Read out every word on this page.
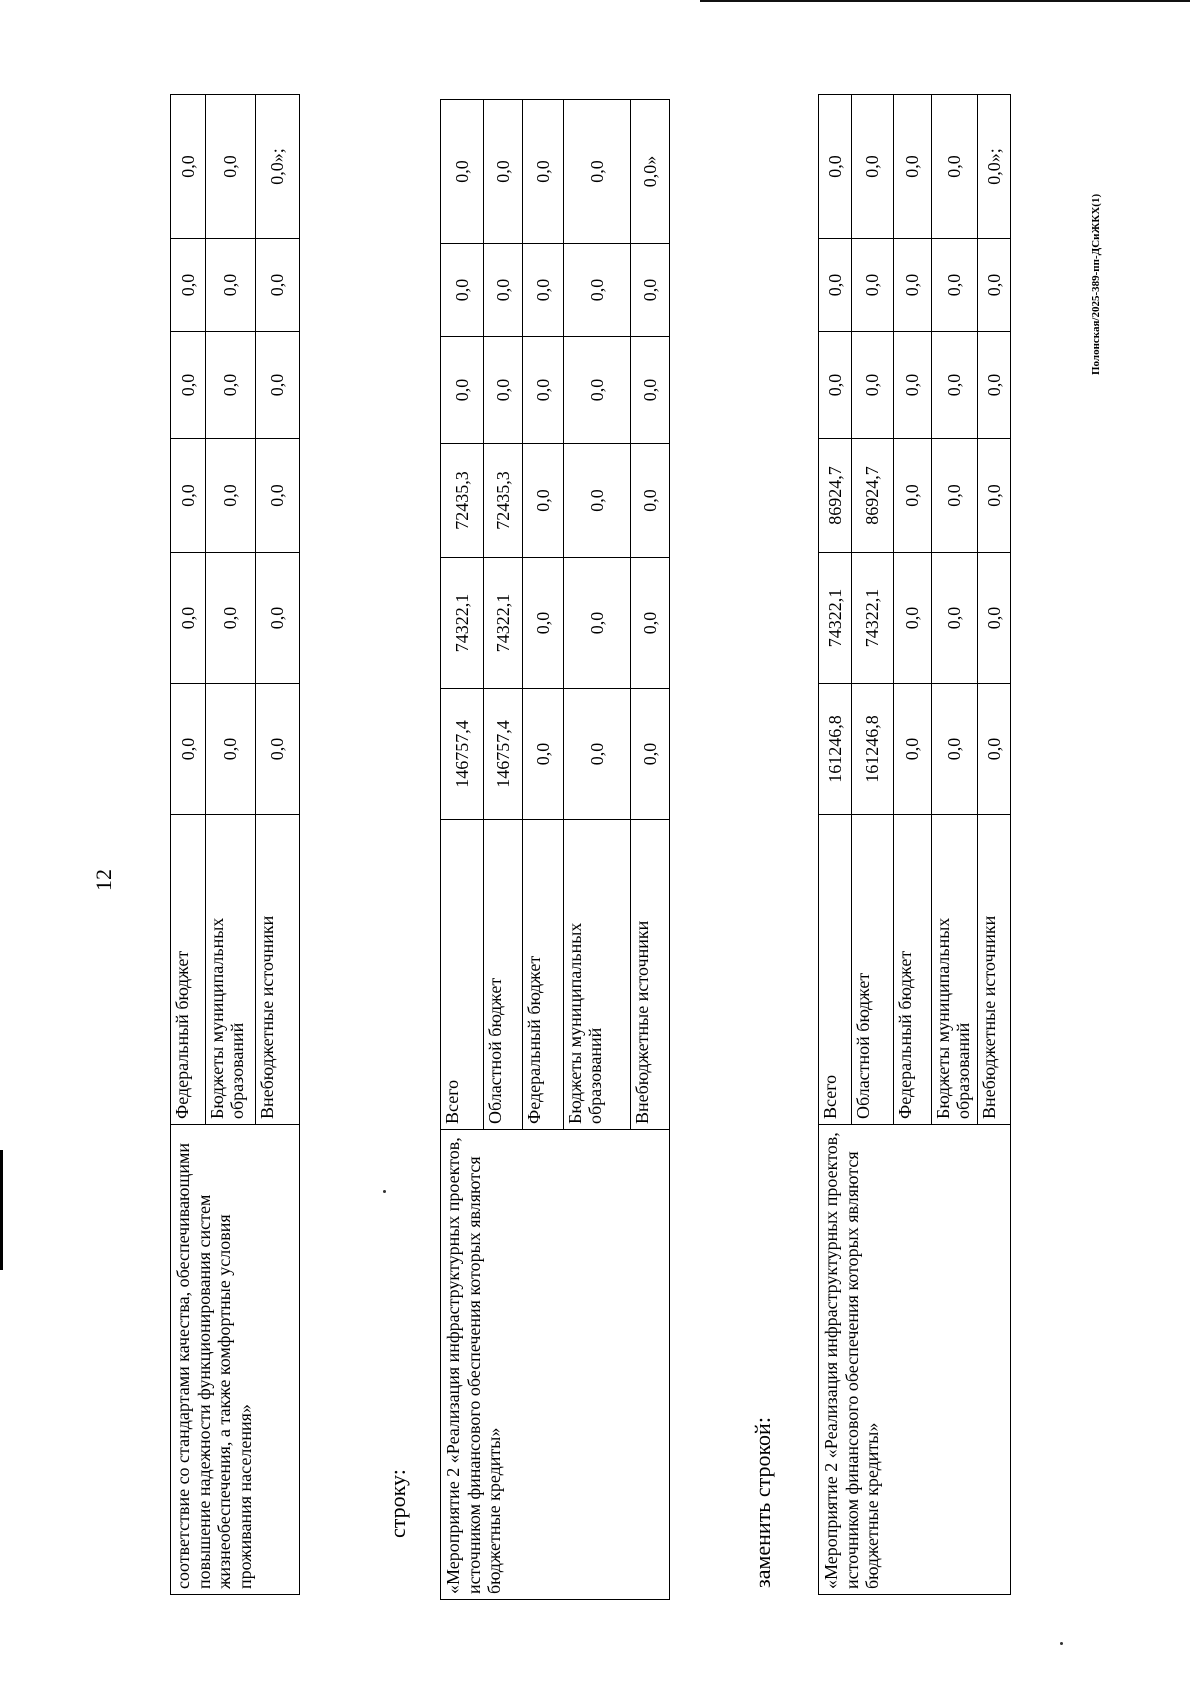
12
Полонская/2025-389-пп-ДСиЖКХ(1)
соответствие со стандартами качества, обеспечивающими повышение надежности функционирования систем жизнеобеспечения, а также комфортные условия проживания населения»	Федеральный бюджет	0,0	0,0	0,0	0,0	0,0	0,0
	Бюджеты муниципальных образований	0,0	0,0	0,0	0,0	0,0	0,0
	Внебюджетные источники	0,0	0,0	0,0	0,0	0,0	0,0»;
строку: «Мероприятие 2 «Реализация инфраструктурных проектов, источником финансового обеспечения которых являются бюджетные кредиты»	Всего	146757,4	74322,1	72435,3	0,0	0,0	0,0
	Областной бюджет	146757,4	74322,1	72435,3	0,0	0,0	0,0
	Федеральный бюджет	0,0	0,0	0,0	0,0	0,0	0,0
	Бюджеты муниципальных образований	0,0	0,0	0,0	0,0	0,0	0,0
	Внебюджетные источники	0,0	0,0	0,0	0,0	0,0	0,0»
заменить строкой:	«Мероприятие 2 «Реализация инфраструктурных проектов, источником финансового обеспечения которых являются бюджетные кредиты»	Всего	161246,8	74322,1	86924,7	0,0	0,0	0,0
	Областной бюджет	161246,8	74322,1	86924,7	0,0	0,0	0,0
	Федеральный бюджет	0,0	0,0	0,0	0,0	0,0	0,0
	Бюджеты муниципальных образований	0,0	0,0	0,0	0,0	0,0	0,0
	Внебюджетные источники	0,0	0,0	0,0	0,0	0,0	0,0»;
